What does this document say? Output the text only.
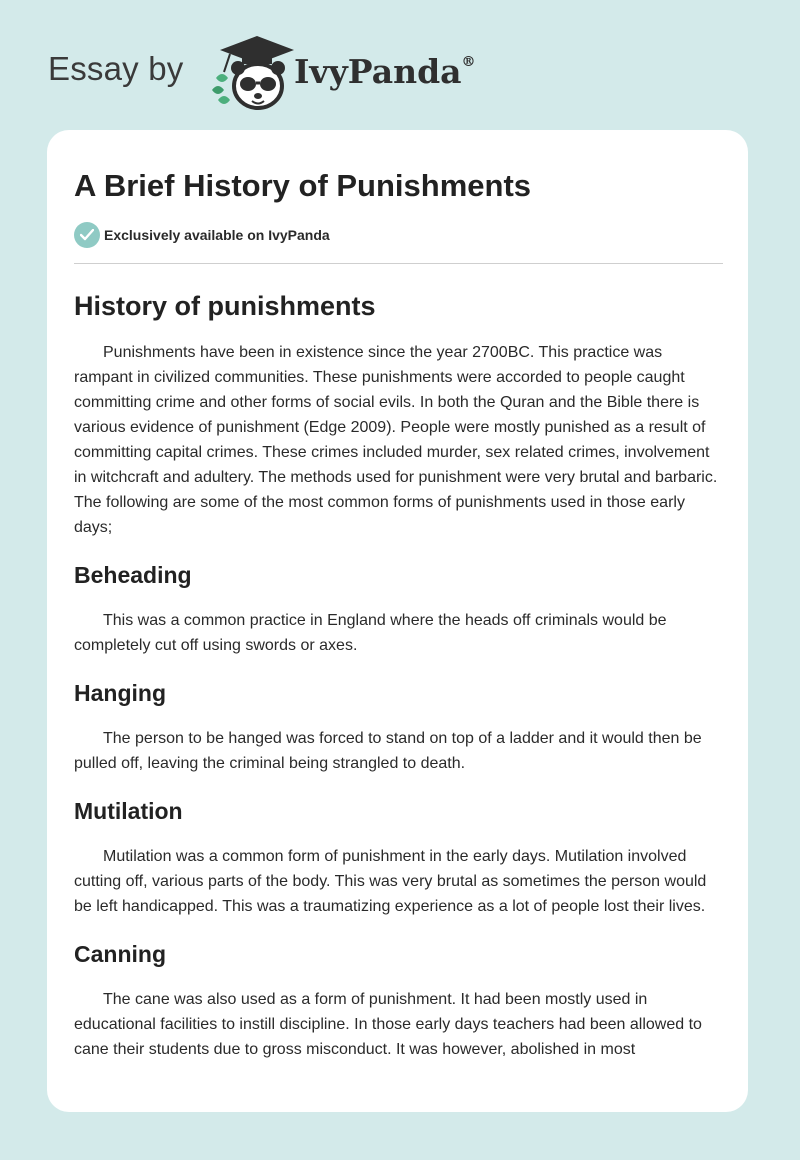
Essay by	IvyPanda®
A Brief History of Punishments
Exclusively available on IvyPanda
History of punishments

Punishments have been in existence since the year 2700BC. This practice was rampant in civilized communities. These punishments were accorded to people caught committing crime and other forms of social evils. In both the Quran and the Bible there is various evidence of punishment (Edge 2009). People were mostly punished as a result of committing capital crimes. These crimes included murder, sex related crimes, involvement in witchcraft and adultery. The methods used for punishment were very brutal and barbaric. The following are some of the most common forms of punishments used in those early days;

Beheading

This was a common practice in England where the heads off criminals would be completely cut off using swords or axes.

Hanging

The person to be hanged was forced to stand on top of a ladder and it would then be pulled off, leaving the criminal being strangled to death.

Mutilation

Mutilation was a common form of punishment in the early days. Mutilation involved cutting off, various parts of the body. This was very brutal as sometimes the person would be left handicapped. This was a traumatizing experience as a lot of people lost their lives.

Canning

The cane was also used as a form of punishment. It had been mostly used in educational facilities to instill discipline. In those early days teachers had been allowed to cane their students due to gross misconduct. It was however, abolished in most
